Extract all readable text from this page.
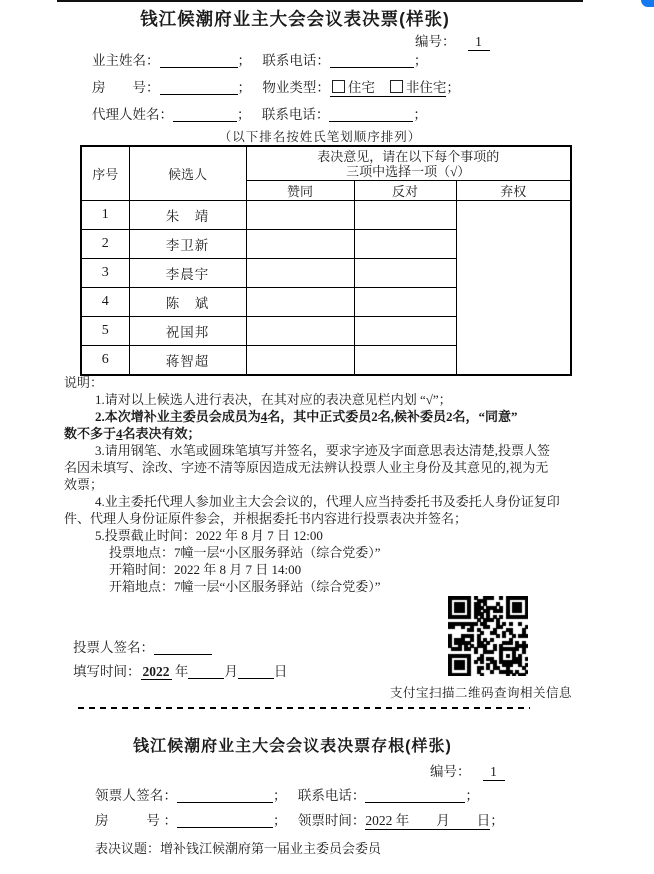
钱江候潮府业主大会会议表决票(样张)
编号： 1
业主姓名：	； 联系电话：	；
房　　号：	； 物业类型： 住宅 非住宅；
代理人姓名：	； 联系电话：	；
（以下排名按姓氏笔划顺序排列）
序号	候选人	表决意见，请在以下每个事项的
三项中选择一项（√）		

		赞同	反对	弃权
1	朱　靖			
2	李卫新			
3	李晨宇			
4	陈　斌			
5	祝国邦			
6	蒋智超			

说明：

1.请对以上候选人进行表决，在其对应的表决意见栏内划 “√”；

2.本次增补业主委员会成员为4名，其中正式委员2名,候补委员2名，“同意”

数不多于4名表决有效；

3.请用钢笔、水笔或圆珠笔填写并签名，要求字迹及字面意思表达清楚,投票人签

名因未填写、涂改、字迹不清等原因造成无法辨认投票人业主身份及其意见的,视为无

效票；

4.业主委托代理人参加业主大会会议的，代理人应当持委托书及委托人身份证复印

件、代理人身份证原件参会，并根据委托书内容进行投票表决并签名；

5.投票截止时间：2022 年 8 月 7 日 12:00

投票地点：7幢一层“小区服务驿站（综合党委）”

开箱时间：2022 年 8 月 7 日 14:00

开箱地点：7幢一层“小区服务驿站（综合党委）”

投票人签名：
填写时间： 2022 年	月	日
支付宝扫描二维码查询相关信息
钱江候潮府业主大会会议表决票存根(样张)
编号： 1
领票人签名：	； 联系电话：	；
房　　号：	； 领票时间：2022 年　　月　　日；
表决议题：增补钱江候潮府第一届业主委员会委员
